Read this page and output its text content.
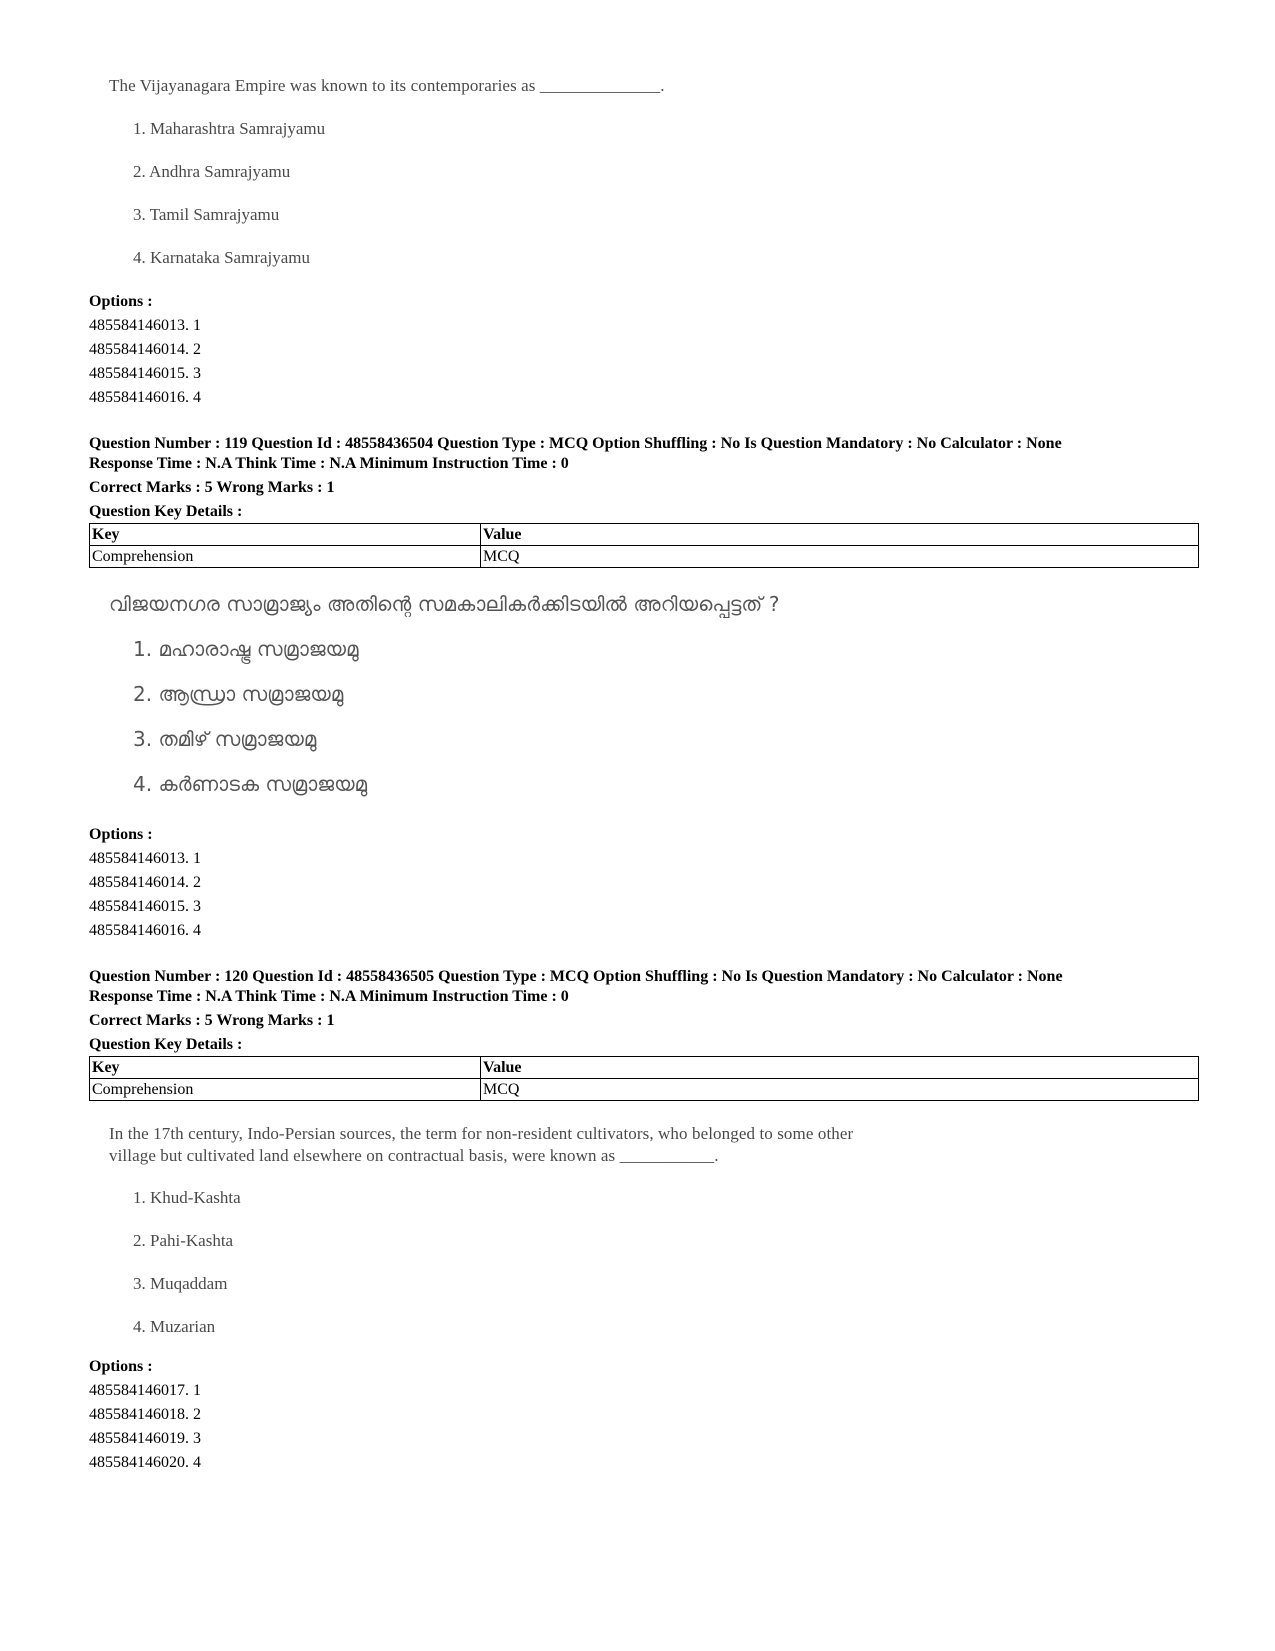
The Vijayanagara Empire was known to its contemporaries as ______________.
1. Maharashtra Samrajyamu
2. Andhra Samrajyamu
3. Tamil Samrajyamu
4. Karnataka Samrajyamu
Options :
485584146013. 1
485584146014. 2
485584146015. 3
485584146016. 4
Question Number : 119 Question Id : 48558436504 Question Type : MCQ Option Shuffling : No Is Question Mandatory : No Calculator : None
Response Time : N.A Think Time : N.A Minimum Instruction Time : 0
Correct Marks : 5 Wrong Marks : 1
Question Key Details :
Key	Value
Comprehension	MCQ
വിജയനഗര സാമ്രാജ്യം അതിന്റെ സമകാലികർക്കിടയിൽ അറിയപ്പെട്ടത് ?
1. മഹാരാഷ്ട്ര സമ്രാജയമു
2. ആന്ധ്രാ സമ്രാജയമു
3. തമിഴ് സമ്രാജയമു
4. കർണാടക സമ്രാജയമു
Options :
485584146013. 1
485584146014. 2
485584146015. 3
485584146016. 4
Question Number : 120 Question Id : 48558436505 Question Type : MCQ Option Shuffling : No Is Question Mandatory : No Calculator : None
Response Time : N.A Think Time : N.A Minimum Instruction Time : 0
Correct Marks : 5 Wrong Marks : 1
Question Key Details :
Key	Value
Comprehension	MCQ
In the 17th century, Indo-Persian sources, the term for non-resident cultivators, who belonged to some other
village but cultivated land elsewhere on contractual basis, were known as ___________.
1. Khud-Kashta
2. Pahi-Kashta
3. Muqaddam
4. Muzarian
Options :
485584146017. 1
485584146018. 2
485584146019. 3
485584146020. 4
